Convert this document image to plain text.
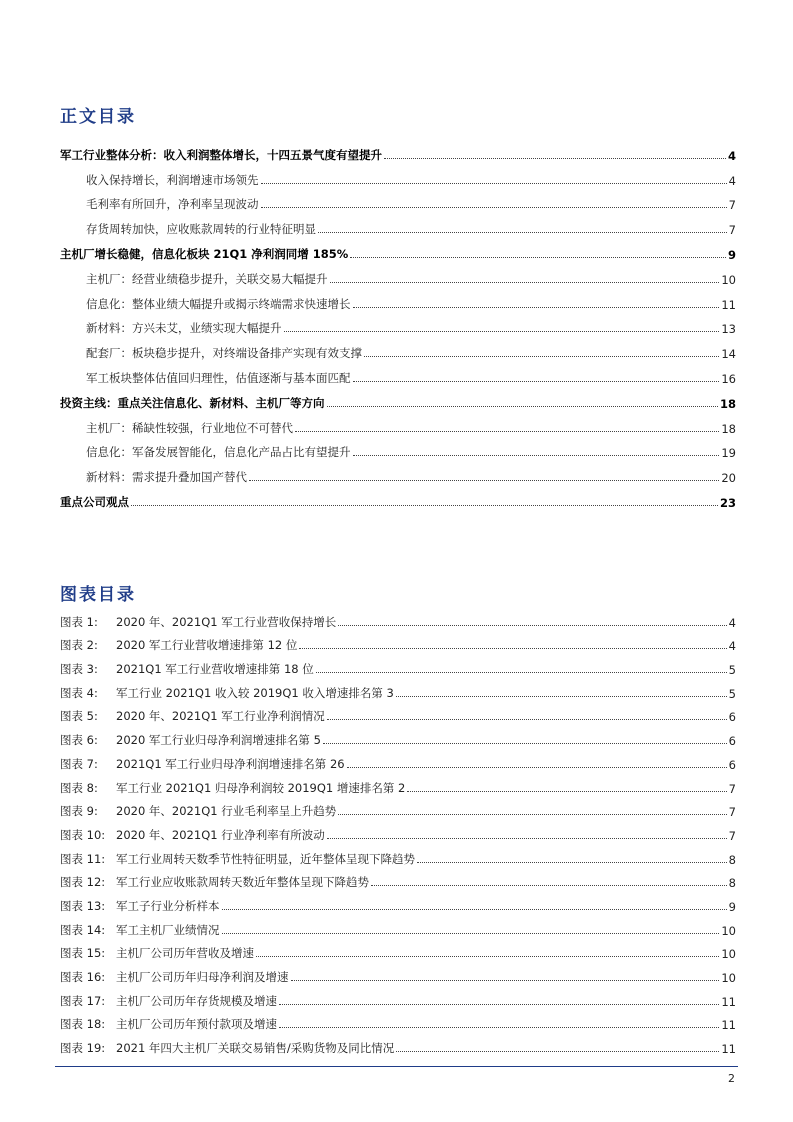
正文目录
军工行业整体分析：收入利润整体增长，十四五景气度有望提升	4
收入保持增长，利润增速市场领先	4
毛利率有所回升，净利率呈现波动	7
存货周转加快，应收账款周转的行业特征明显	7
主机厂增长稳健，信息化板块 21Q1 净利润同增 185%	9
主机厂：经营业绩稳步提升，关联交易大幅提升	10
信息化：整体业绩大幅提升或揭示终端需求快速增长	11
新材料：方兴未艾，业绩实现大幅提升	13
配套厂：板块稳步提升，对终端设备排产实现有效支撑	14
军工板块整体估值回归理性，估值逐渐与基本面匹配	16
投资主线：重点关注信息化、新材料、主机厂等方向	18
主机厂：稀缺性较强，行业地位不可替代	18
信息化：军备发展智能化，信息化产品占比有望提升	19
新材料：需求提升叠加国产替代	20
重点公司观点	23
图表目录
图表 1:	2020 年、2021Q1 军工行业营收保持增长	4
图表 2:	2020 军工行业营收增速排第 12 位	4
图表 3:	2021Q1 军工行业营收增速排第 18 位	5
图表 4:	军工行业 2021Q1 收入较 2019Q1 收入增速排名第 3	5
图表 5:	2020 年、2021Q1 军工行业净利润情况	6
图表 6:	2020 军工行业归母净利润增速排名第 5	6
图表 7:	2021Q1 军工行业归母净利润增速排名第 26	6
图表 8:	军工行业 2021Q1 归母净利润较 2019Q1 增速排名第 2	7
图表 9:	2020 年、2021Q1 行业毛利率呈上升趋势	7
图表 10: 2020 年、2021Q1 行业净利率有所波动	7
图表 11: 军工行业周转天数季节性特征明显，近年整体呈现下降趋势	8
图表 12: 军工行业应收账款周转天数近年整体呈现下降趋势	8
图表 13: 军工子行业分析样本	9
图表 14: 军工主机厂业绩情况	10
图表 15: 主机厂公司历年营收及增速	10
图表 16: 主机厂公司历年归母净利润及增速	10
图表 17: 主机厂公司历年存货规模及增速	11
图表 18: 主机厂公司历年预付款项及增速	11
图表 19: 2021 年四大主机厂关联交易销售/采购货物及同比情况	11
2
